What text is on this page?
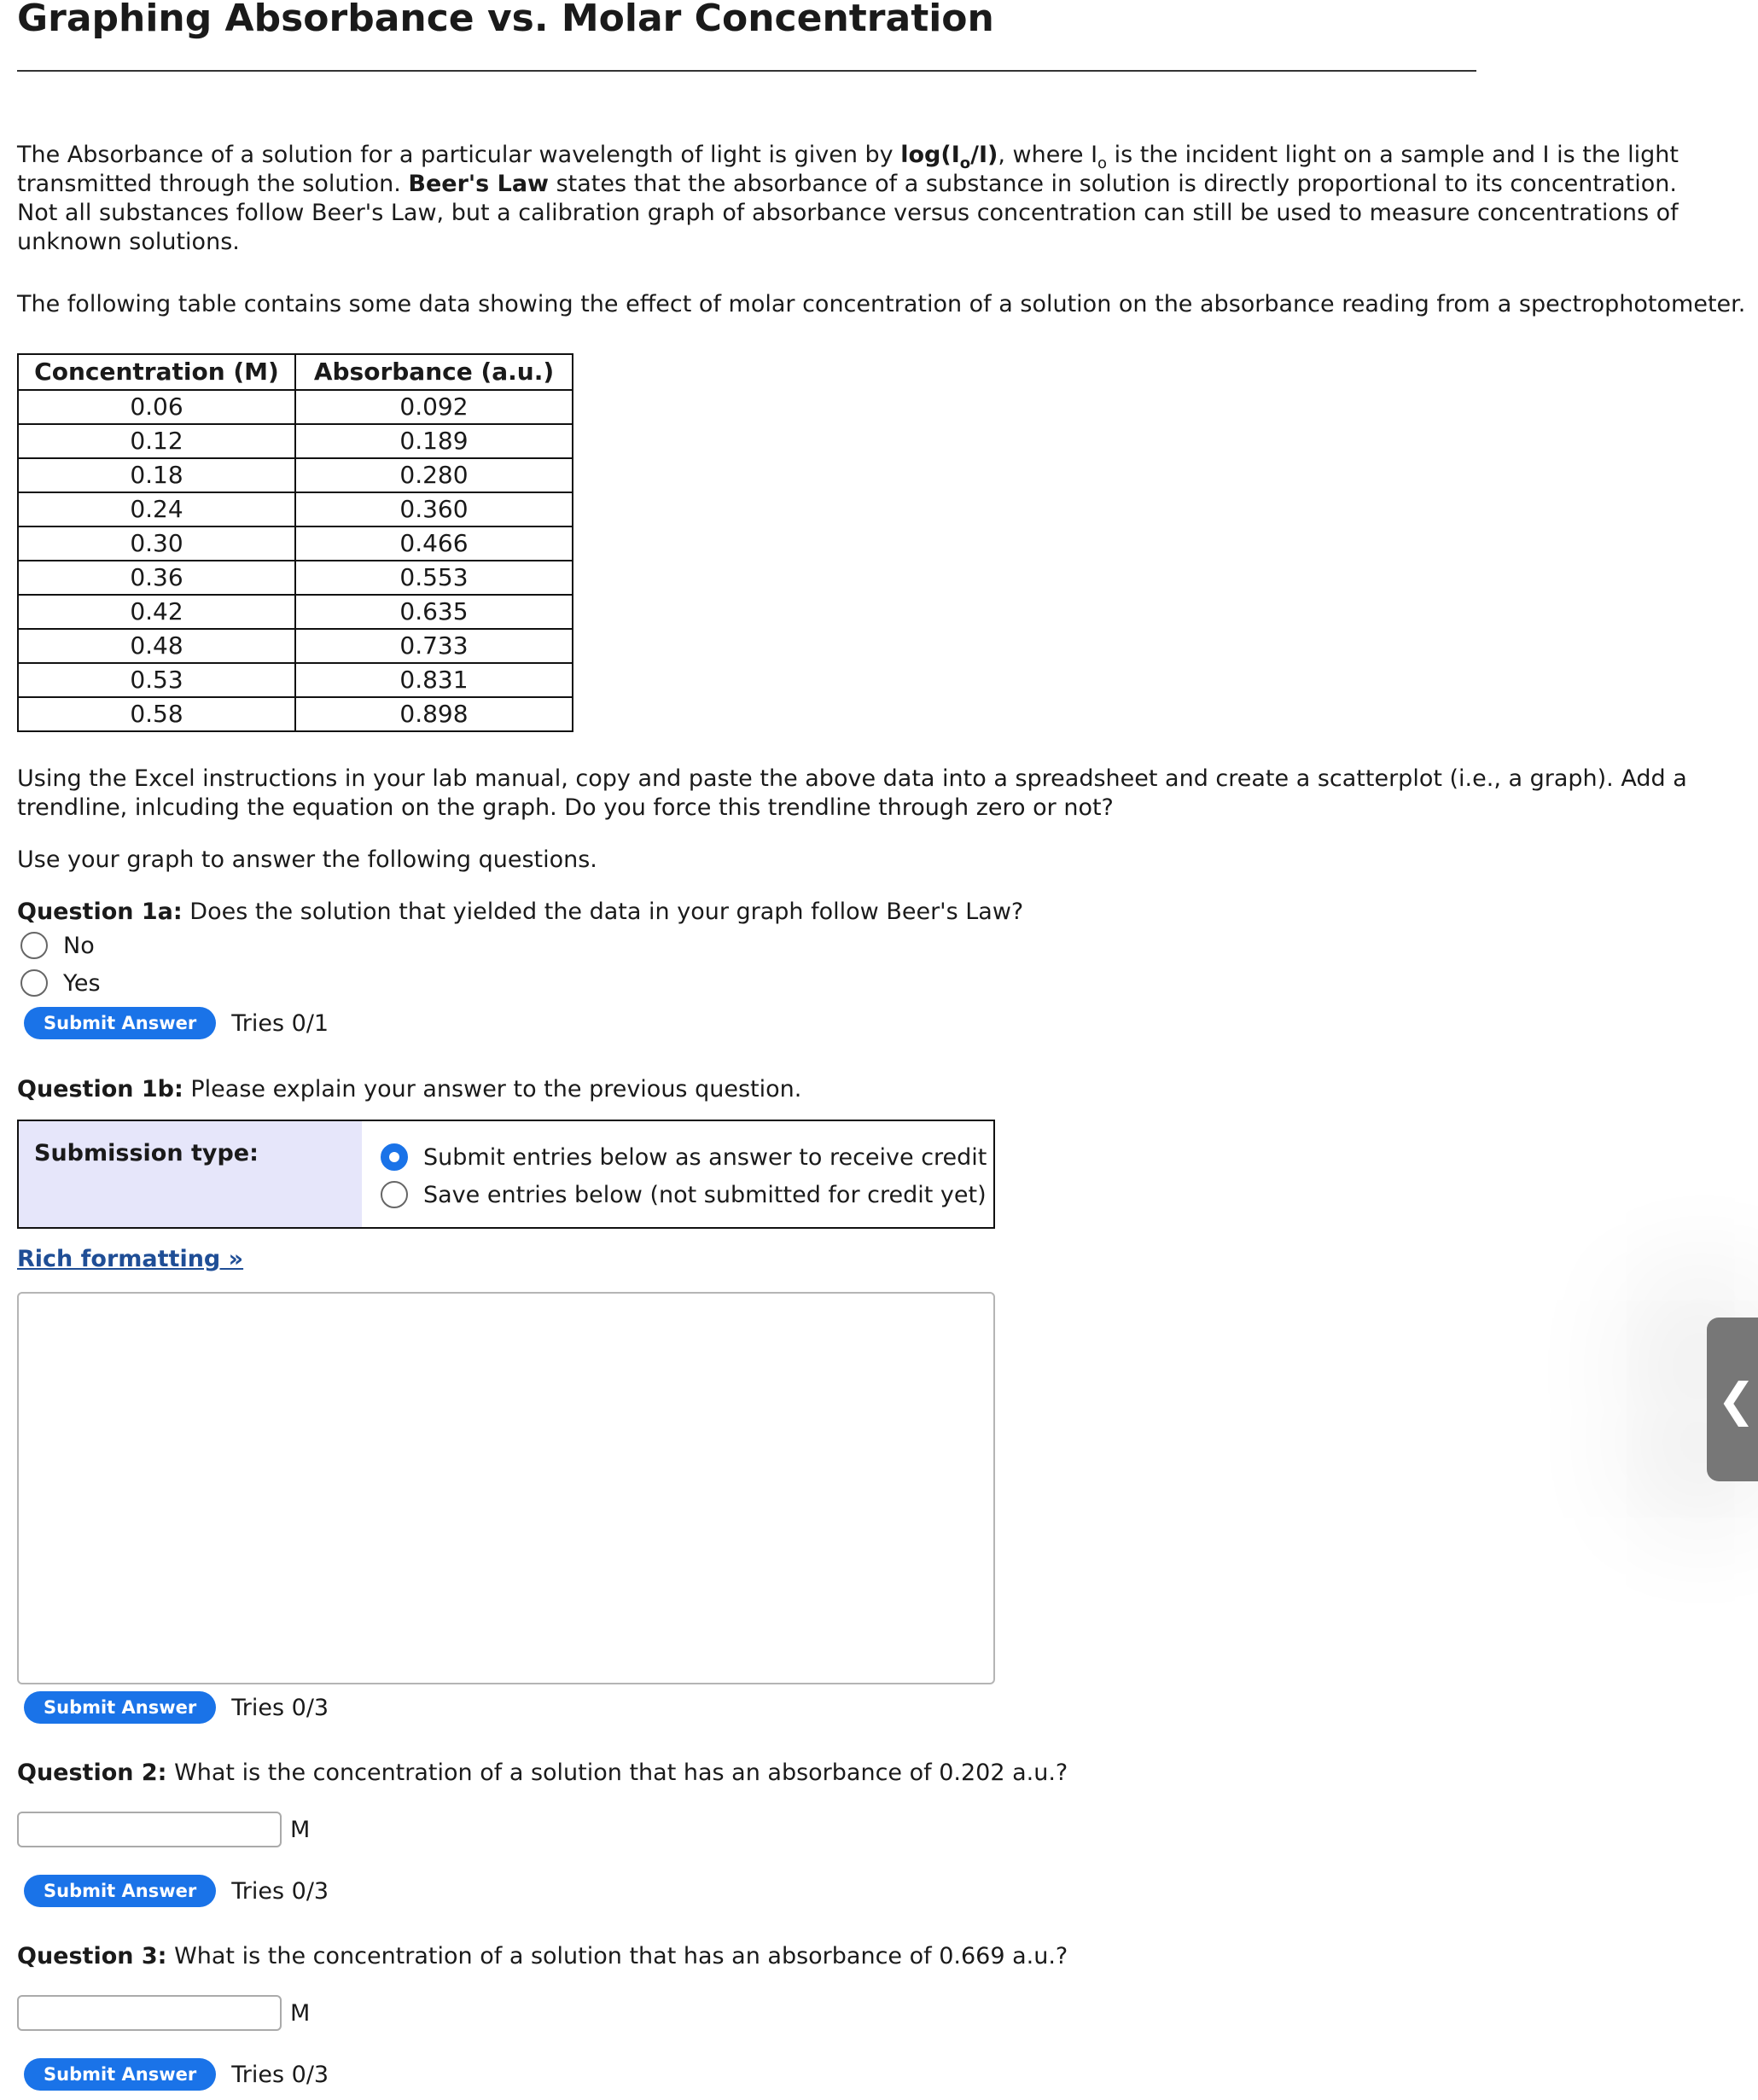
Graphing Absorbance vs. Molar Concentration

The Absorbance of a solution for a particular wavelength of light is given by $\log(I_o/I)$, where $I_o$ is the incident light on a sample and I is the light transmitted through the solution. Beer's Law states that the absorbance of a substance in solution is directly proportional to its concentration. Not all substances follow Beer's Law, but a calibration graph of absorbance versus concentration can still be used to measure concentrations of unknown solutions.

The following table contains some data showing the effect of molar concentration of a solution on the absorbance reading from a spectrophotometer.

Concentration (M)	Absorbance (a.u.)
0.06	0.092
0.12	0.189
0.18	0.280
0.24	0.360
0.30	0.466
0.36	0.553
0.42	0.635
0.48	0.733
0.53	0.831
0.58	0.898

Using the Excel instructions in your lab manual, copy and paste the above data into a spreadsheet and create a scatterplot (i.e., a graph). Add a trendline, inlcuding the equation on the graph. Do you force this trendline through zero or not?

Use your graph to answer the following questions.

Question 1a: Does the solution that yielded the data in your graph follow Beer's Law?

No
Yes
Submit Answer	Tries 0/1

Question 1b: Please explain your answer to the previous question.

Submission type:	Submit entries below as answer to receive credit
Save entries below (not submitted for credit yet)
Rich formatting »
Submit Answer	Tries 0/3

Question 2: What is the concentration of a solution that has an absorbance of 0.202 a.u.?

M
Submit Answer	Tries 0/3

Question 3: What is the concentration of a solution that has an absorbance of 0.669 a.u.?

M
Submit Answer	Tries 0/3
❮
